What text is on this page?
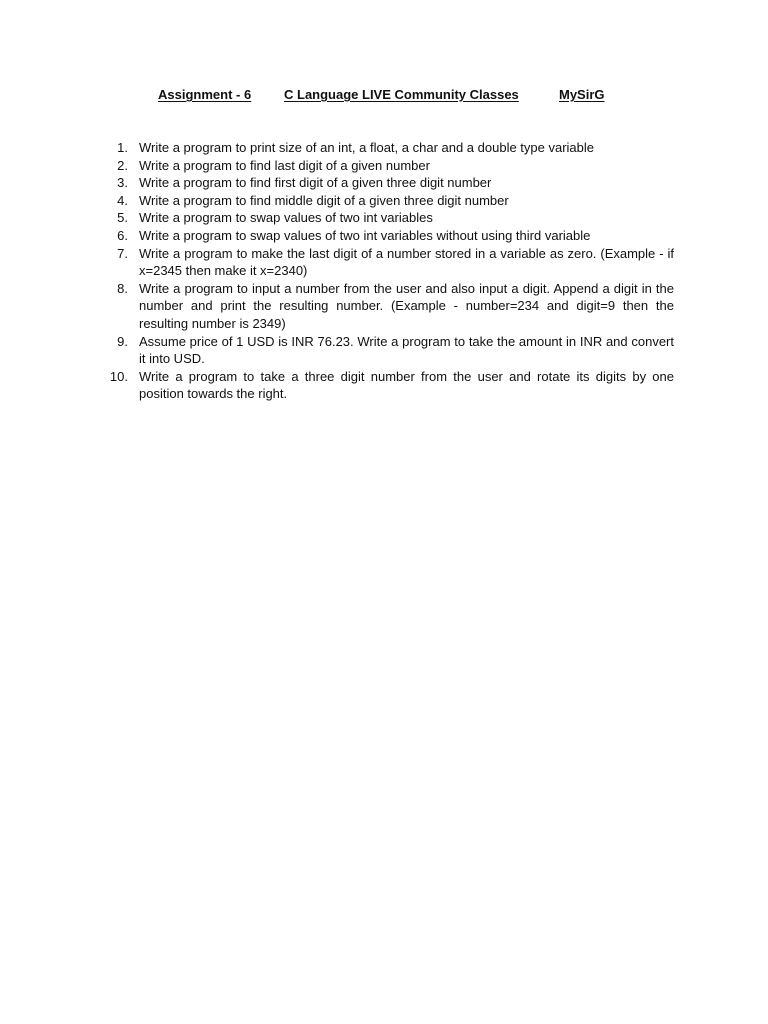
Assignment - 6	C Language LIVE Community Classes	MySirG
1. Write a program to print size of an int, a float, a char and a double type variable
2. Write a program to find last digit of a given number
3. Write a program to find first digit of a given three digit number
4. Write a program to find middle digit of a given three digit number
5. Write a program to swap values of two int variables
6. Write a program to swap values of two int variables without using third variable
7. Write a program to make the last digit of a number stored in a variable as zero. (Example - if x=2345 then make it x=2340)
8. Write a program to input a number from the user and also input a digit. Append a digit in the number and print the resulting number. (Example - number=234 and digit=9 then the resulting number is 2349)
9. Assume price of 1 USD is INR 76.23. Write a program to take the amount in INR and convert it into USD.
10. Write a program to take a three digit number from the user and rotate its digits by one position towards the right.
